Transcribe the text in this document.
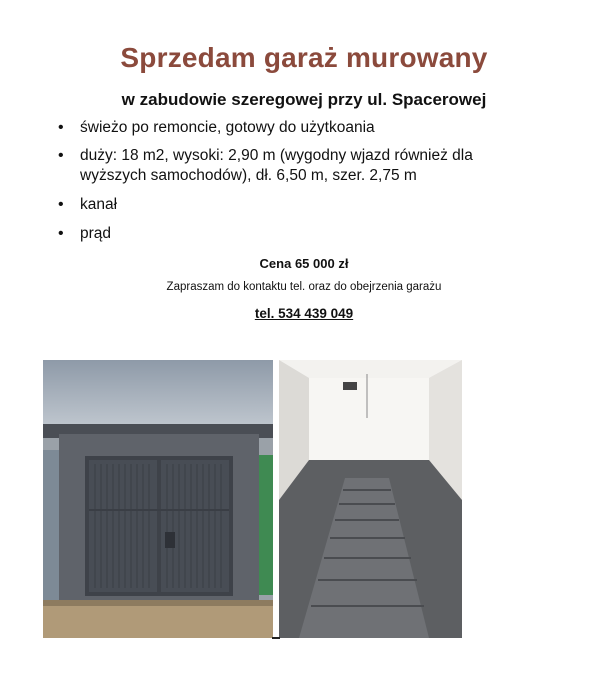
Sprzedam garaż murowany
w zabudowie szeregowej przy ul. Spacerowej
• świeżo po remoncie, gotowy do użytkoania
• duży: 18 m2, wysoki: 2,90 m (wygodny wjazd również dla wyższych samochodów), dł. 6,50 m, szer. 2,75 m
• kanał
• prąd
Cena 65 000 zł
Zapraszam do kontaktu tel. oraz do obejrzenia garażu
tel. 534 439 049
